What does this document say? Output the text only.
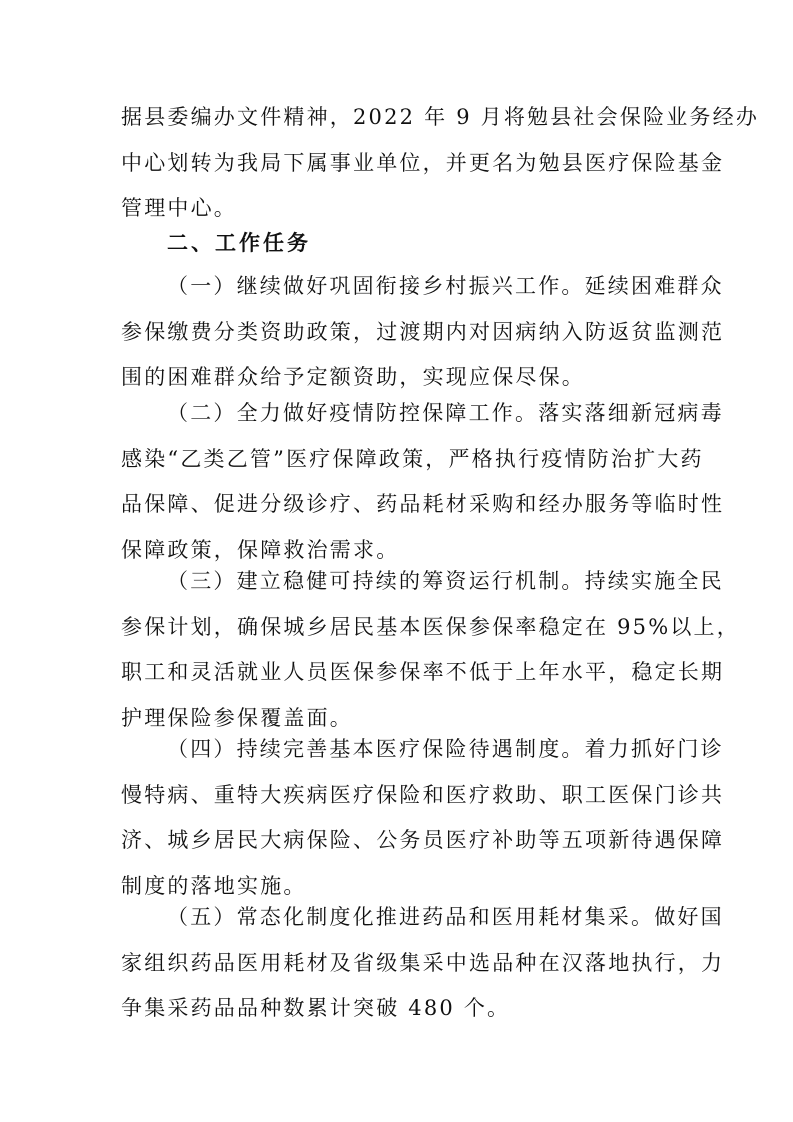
据县委编办文件精神，2022 年 9 月将勉县社会保险业务经办
中心划转为我局下属事业单位，并更名为勉县医疗保险基金
管理中心。
二、工作任务
（一）继续做好巩固衔接乡村振兴工作。延续困难群众
参保缴费分类资助政策，过渡期内对因病纳入防返贫监测范
围的困难群众给予定额资助，实现应保尽保。
（二）全力做好疫情防控保障工作。落实落细新冠病毒
感染“乙类乙管”医疗保障政策，严格执行疫情防治扩大药
品保障、促进分级诊疗、药品耗材采购和经办服务等临时性
保障政策，保障救治需求。
（三）建立稳健可持续的筹资运行机制。持续实施全民
参保计划，确保城乡居民基本医保参保率稳定在 95%以上，
职工和灵活就业人员医保参保率不低于上年水平，稳定长期
护理保险参保覆盖面。
（四）持续完善基本医疗保险待遇制度。着力抓好门诊
慢特病、重特大疾病医疗保险和医疗救助、职工医保门诊共
济、城乡居民大病保险、公务员医疗补助等五项新待遇保障
制度的落地实施。
（五）常态化制度化推进药品和医用耗材集采。做好国
家组织药品医用耗材及省级集采中选品种在汉落地执行，力
争集采药品品种数累计突破 480 个。
